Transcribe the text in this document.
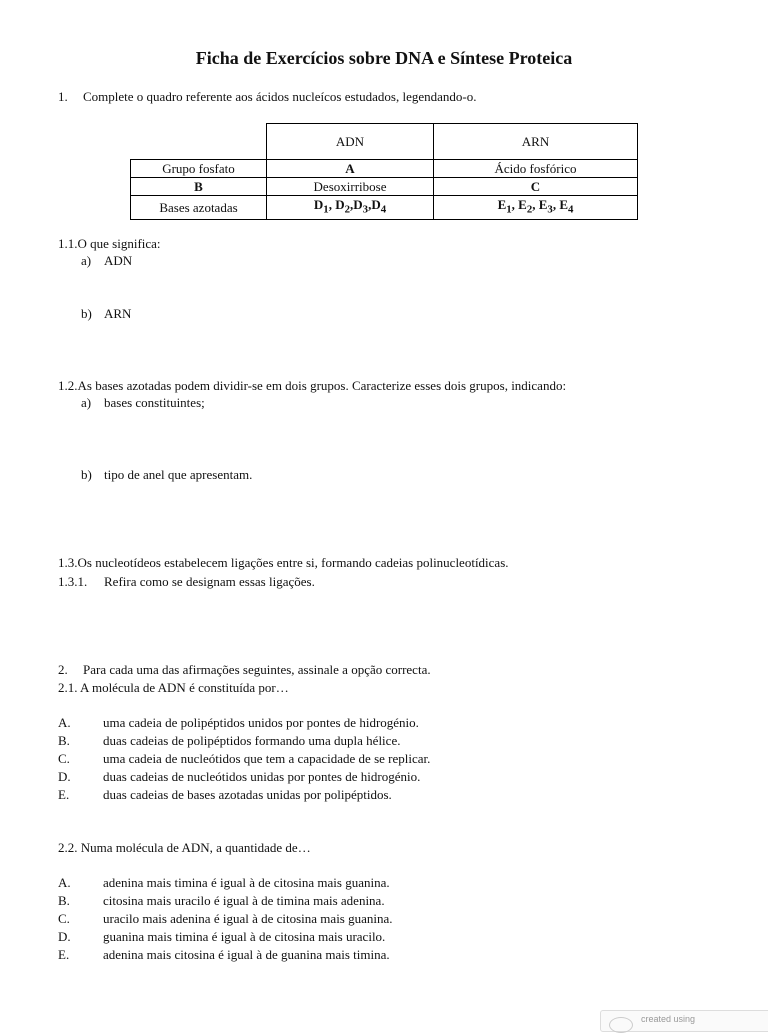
Ficha de Exercícios sobre DNA e Síntese Proteica
1. Complete o quadro referente aos ácidos nucleícos estudados, legendando-o.
	ADN	ARN
Grupo fosfato	A	Ácido fosfórico
B	Desoxirribose	C
Bases azotadas	$D_1$, $D_2,D_3,D_4$	$E_1$, $E_2$, $E_3$, $E_4$
1.1.O que significa:
a) ADN
b) ARN
1.2.As bases azotadas podem dividir-se em dois grupos. Caracterize esses dois grupos, indicando:
a) bases constituintes;
b) tipo de anel que apresentam.
1.3.Os nucleotídeos estabelecem ligações entre si, formando cadeias polinucleotídicas.
1.3.1. Refira como se designam essas ligações.
2. Para cada uma das afirmações seguintes, assinale a opção correcta.
2.1. A molécula de ADN é constituída por…
A. uma cadeia de polipéptidos unidos por pontes de hidrogénio.
B.	duas cadeias de polipéptidos formando uma dupla hélice.
C.	uma cadeia de nucleótidos que tem a capacidade de se replicar.
D. duas cadeias de nucleótidos unidas por pontes de hidrogénio.
E.	duas cadeias de bases azotadas unidas por polipéptidos.
2.2. Numa molécula de ADN, a quantidade de…
A. adenina mais timina é igual à de citosina mais guanina.
B.	citosina mais uracilo é igual à de timina mais adenina.
C.	uracilo mais adenina é igual à de citosina mais guanina.
D. guanina mais timina é igual à de citosina mais uracilo.
E.	adenina mais citosina é igual à de guanina mais timina.
created using
